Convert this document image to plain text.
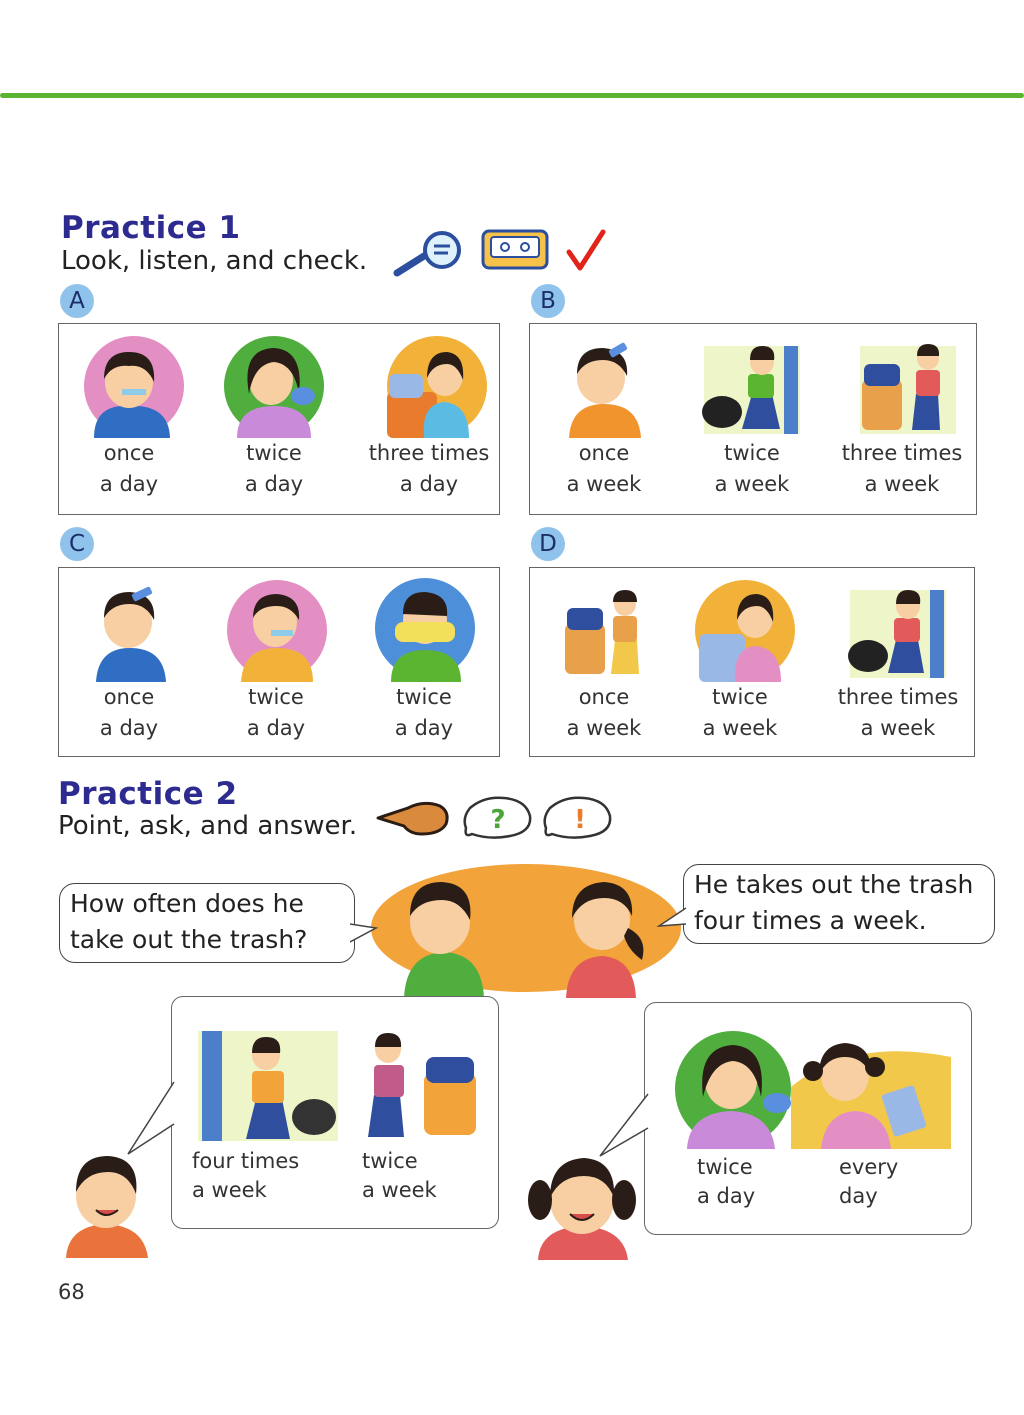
Practice 1
Look, listen, and check.
A	B
C	D
once
a day
twice
a day
three times
a day
once
a week
twice
a week
three times
a week
once
a day
twice
a day
twice
a day
once
a week
twice
a week
three times
a week
Practice 2
Point, ask, and answer.	?	!
How often does he
take out the trash?
He takes out the trash
four times a week.
four times
a week
twice
a week
twice
a day
every
day
68
